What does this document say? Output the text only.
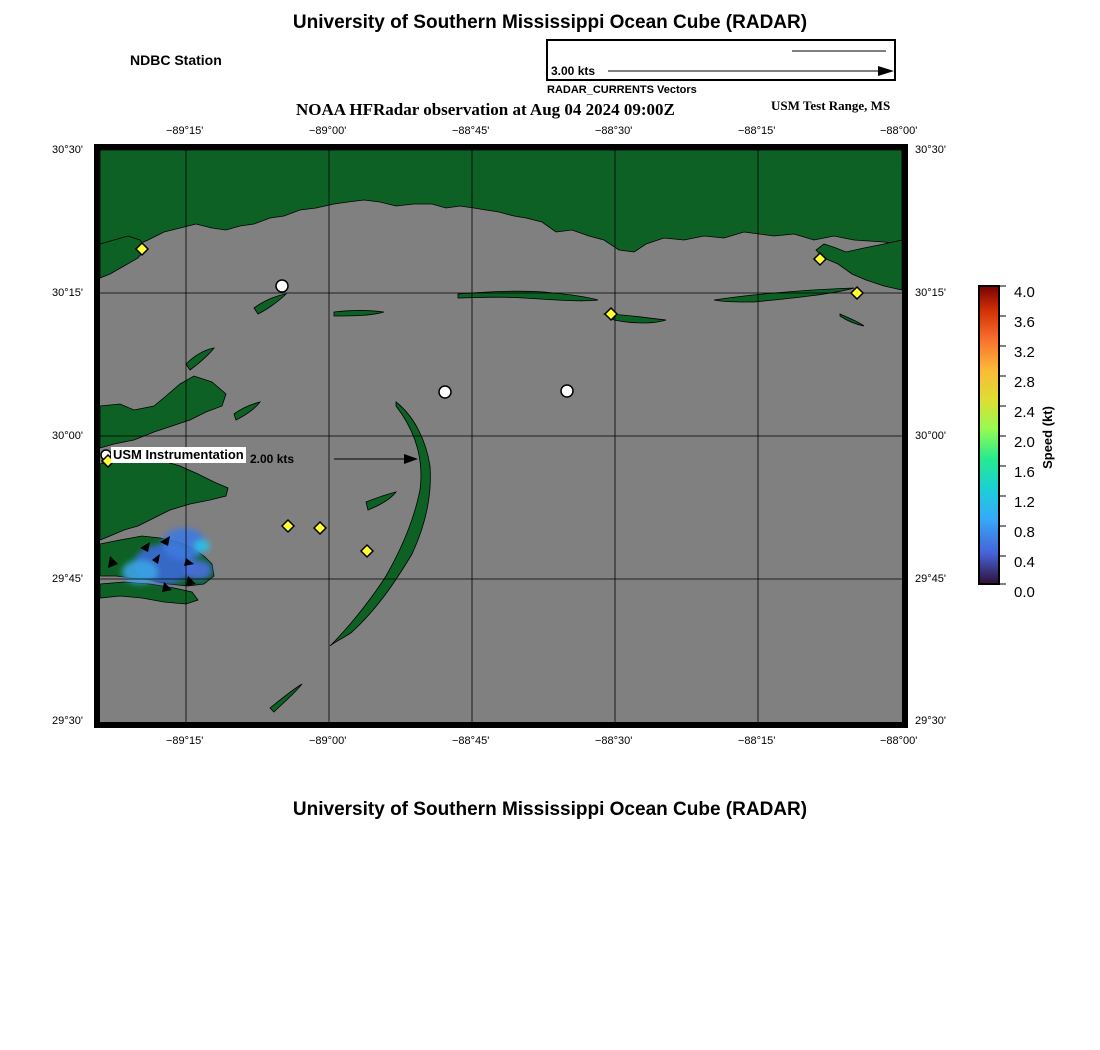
University of Southern Mississippi Ocean Cube (RADAR)
NDBC Station
3.00 kts
RADAR_CURRENTS Vectors
NOAA HFRadar observation at Aug 04 2024 09:00Z	USM Test Range, MS
−89°15'	−89°00'	−88°45'	−88°30'	−88°15'	−88°00'
−89°15'	−89°00'	−88°45'	−88°30'	−88°15'	−88°00'
30°30'
30°15'
30°00'
29°45'
29°30'
30°30'
30°15'
30°00'
29°45'
29°30'
USM Instrumentation 2.00 kts
4.0
3.6
3.2
2.8
2.4
2.0
1.6
1.2
0.8
0.4
0.0
Speed (kt)
University of Southern Mississippi Ocean Cube (RADAR)
